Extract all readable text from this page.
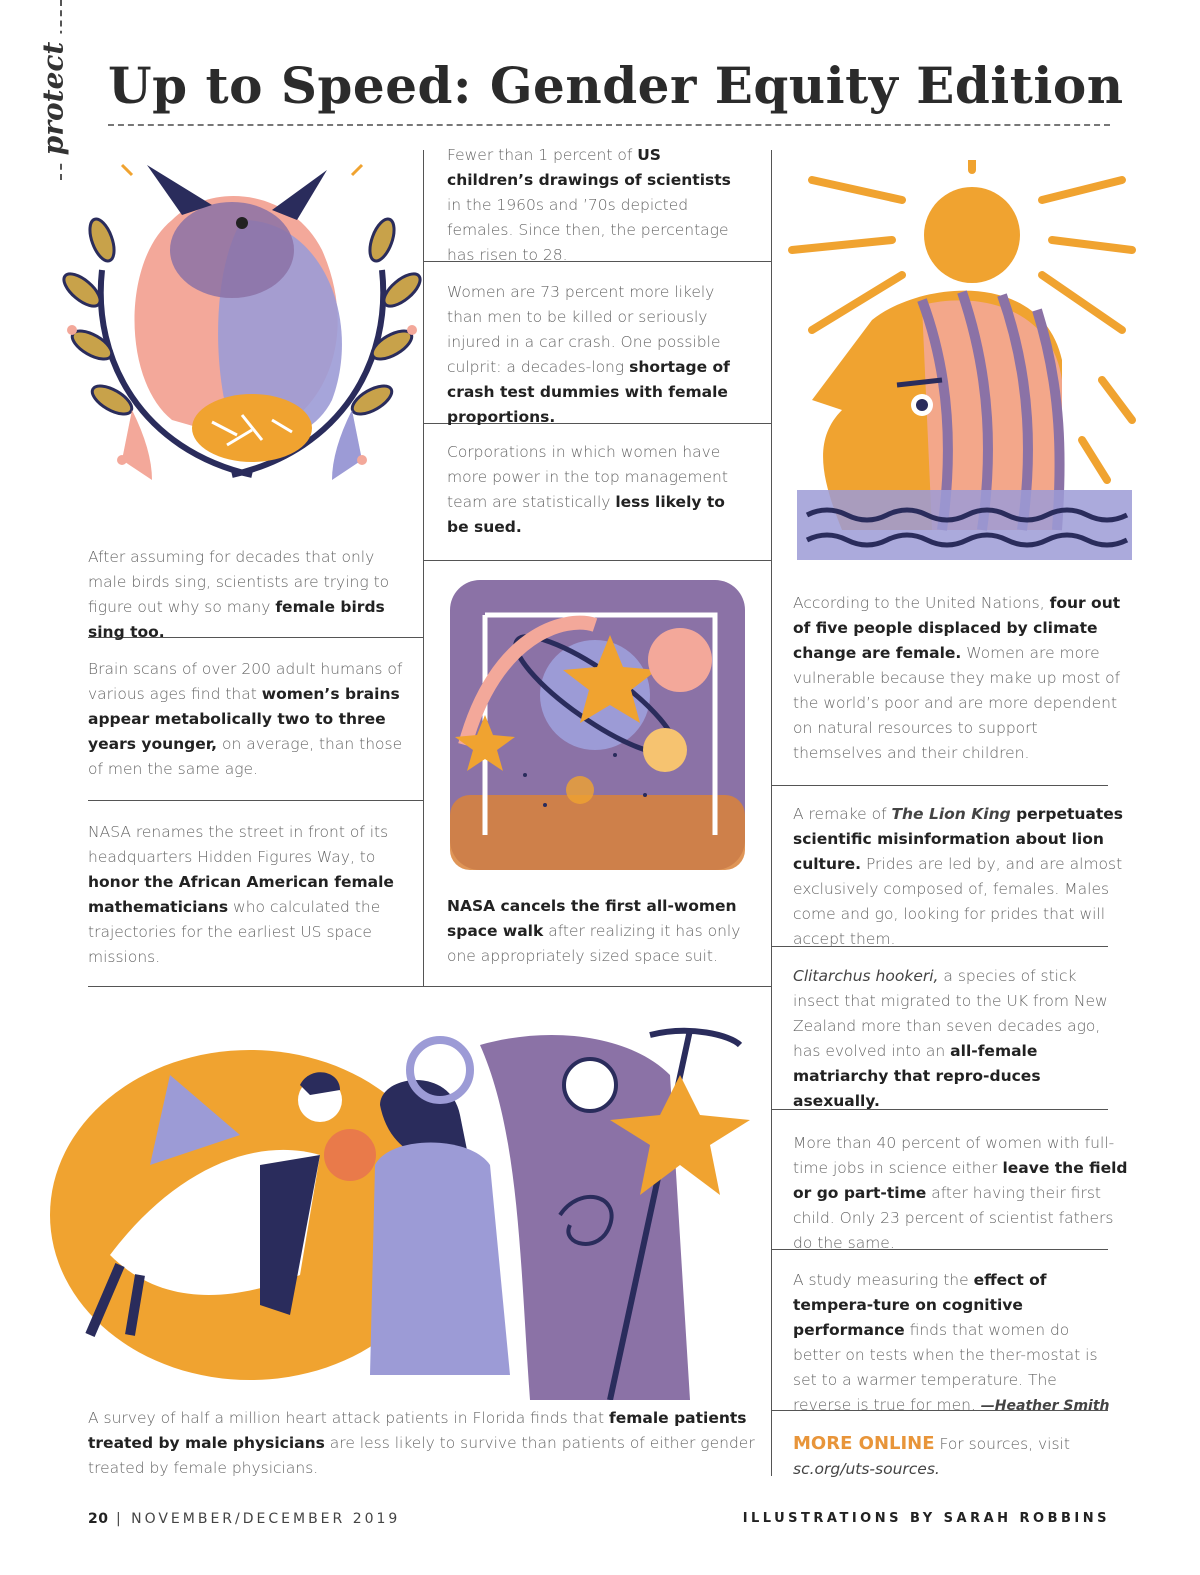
protect Up to Speed: Gender Equity Edition

After assuming for decades that only male birds sing, scientists are trying to figure out why so many female birds sing too.

Brain scans of over 200 adult humans of various ages find that women’s brains appear metabolically two to three years younger, on average, than those of men the same age.

NASA renames the street in front of its headquarters Hidden Figures Way, to honor the African American female mathematicians who calculated the trajectories for the earliest US space missions.

Fewer than 1 percent of US children’s drawings of scientists in the 1960s and ’70s depicted females. Since then, the percentage has risen to 28.

Women are 73 percent more likely than men to be killed or seriously injured in a car crash. One possible culprit: a decades-long shortage of crash test dummies with female proportions.

Corporations in which women have more power in the top management team are statistically less likely to be sued.

NASA cancels the first all-women space walk after realizing it has only one appropriately sized space suit.

According to the United Nations, four out of five people displaced by climate change are female. Women are more vulnerable because they make up most of the world’s poor and are more dependent on natural resources to support themselves and their children.

A remake of The Lion King perpetuates scientific misinformation about lion culture. Prides are led by, and are almost exclusively composed of, females. Males come and go, looking for prides that will accept them.

Clitarchus hookeri, a species of stick insect that migrated to the UK from New Zealand more than seven decades ago, has evolved into an all-female matriarchy that repro-duces asexually.

More than 40 percent of women with full-time jobs in science either leave the field or go part-time after having their first child. Only 23 percent of scientist fathers do the same.

A study measuring the effect of tempera-ture on cognitive performance finds that women do better on tests when the ther-mostat is set to a warmer temperature. The reverse is true for men. —Heather Smith

MORE ONLINE For sources, visit sc.org/uts-sources.

A survey of half a million heart attack patients in Florida finds that female patients treated by male physicians are less likely to survive than patients of either gender treated by female physicians.

20 | NOVEMBER/DECEMBER 2019	ILLUSTRATIONS BY SARAH ROBBINS
